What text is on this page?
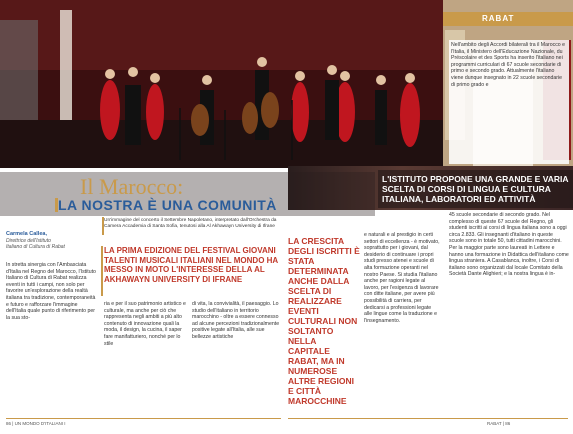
RABAT
Nell'ambito degli Accordi bilaterali tra il Marocco e l'Italia, il Ministero dell'Educazione Nazionale, du Préscolaire et des Sports ha inserito l'italiano nei programmi curriculari di 67 scuole secondarie di primo e secondo grado. Attualmente l'italiano viene dunque insegnato in 22 scuole secondarie di primo grado e
Il Marocco:
LA NOSTRA È UNA COMUNITÀ
L'ISTITUTO PROPONE UNA GRANDE E VARIA SCELTA DI CORSI DI LINGUA E CULTURA ITALIANA, LABORATORI ED ATTIVITÀ
Un'immagine del concerto il Settembre Napoletano, interpretato dall'Orchestra da Camera Accademia di Santa Sofia, tenutosi alla Al Akhawayn University di Ifrane
Carmela Callea,
Direttrice dell'Istituto
Italiano di Cultura di Rabat	LA PRIMA EDIZIONE DEL FESTIVAL GIOVANI TALENTI MUSICALI ITALIANI NEL MONDO HA MESSO IN MOTO L'INTERESSE DELLA AL AKHAWAYN UNIVERSITY DI IFRANE
LA CRESCITA DEGLI ISCRITTI È STATA DETERMINATA ANCHE DALLA SCELTA DI REALIZZARE EVENTI CULTURALI NON SOLTANTO NELLA CAPITALE RABAT, MA IN NUMEROSE ALTRE REGIONI E CITTÀ MAROCCHINE
In stretta sinergia con l'Ambasciata d'Italia nel Regno del Marocco, l'Istituto Italiano di Cultura di Rabat realizza eventi in tutti i campi, non solo per favorire un'esplorazione della realtà italiana tra tradizione, contemporaneità e futuro e rafforzare l'immagine dell'Italia quale punto di riferimento per la sua sto-
ria e per il suo patrimonio artistico e culturale, ma anche per ciò che rappresenta negli ambiti a più alto contenuto di innovazione quali la moda, il design, la cucina, il saper fare manifatturiero, nonché per lo stile
di vita, la convivialità, il paesaggio. Lo studio dell'italiano in territorio marocchino - oltre a essere connesso ad alcune percezioni tradizionalmente positive legate all'Italia, alle sue bellezze artistiche
e naturali e al prestigio in certi settori di eccellenza - è motivato, soprattutto per i giovani, dal desiderio di continuare i propri studi presso atenei e scuole di alta formazione operanti nel nostro Paese. Si studia l'italiano anche per ragioni legate al lavoro, per l'esigenza di lavorare con ditte italiane, per avere più possibilità di carriera, per dedicarsi a professioni legate alle lingue come la traduzione e l'insegnamento.
45 scuole secondarie di secondo grado. Nel complesso di queste 67 scuole del Regno, gli studenti iscritti ai corsi di lingua italiana sono a oggi circa 2.833. Gli insegnanti d'italiano in queste scuole sono in totale 50, tutti cittadini marocchini. Per la maggior parte sono laureati in Lettere e hanno una formazione in Didattica dell'italiano come lingua straniera. A Casablanca, inoltre, i Corsi di italiano sono organizzati dal locale Comitato della Società Dante Alighieri; e la nostra lingua è in-
86 | UN MONDO D'ITALIANI I	RABAT | 86
